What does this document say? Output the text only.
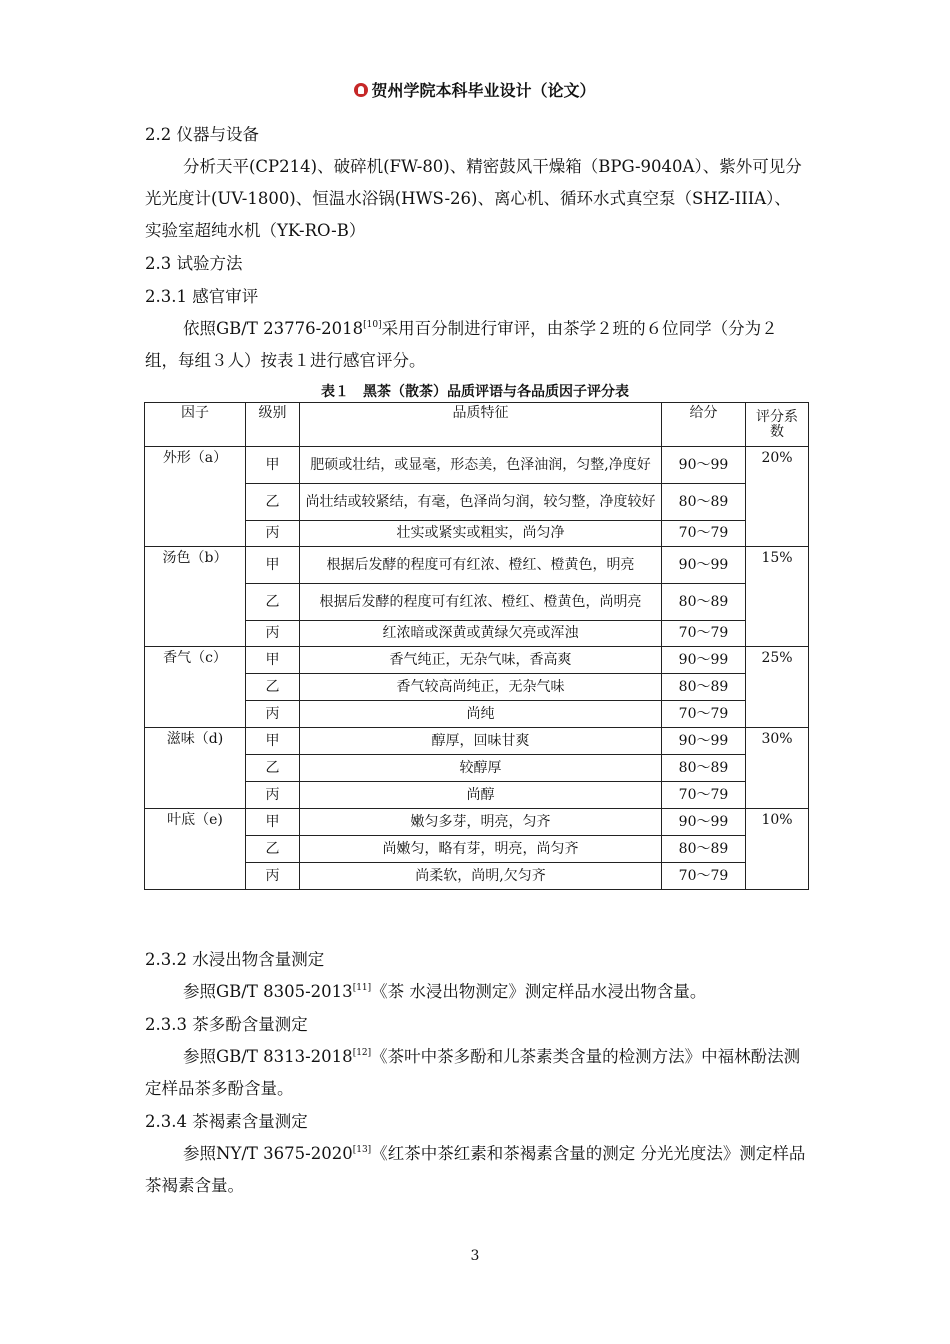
贺州学院本科毕业设计（论文）
2.2 仪器与设备

分析天平(CP214)、破碎机(FW-80)、精密鼓风干燥箱（BPG-9040A）、紫外可见分光光度计(UV-1800)、恒温水浴锅(HWS-26)、离心机、循环水式真空泵（SHZ-IIIA）、实验室超纯水机（YK-RO-B）

2.3 试验方法
2.3.1 感官审评

依照GB/T 23776-2018[10]采用百分制进行审评，由茶学２班的６位同学（分为２组，每组３人）按表１进行感官评分。

表１ 黑茶（散茶）品质评语与各品质因子评分表
因子	级别	品质特征	给分	评分系数
外形（a）	甲	肥硕或壮结，或显毫，形态美，色泽油润，匀整,净度好	90～99	20%
	乙	尚壮结或较紧结，有毫，色泽尚匀润，较匀整，净度较好	80～89	
	丙	壮实或紧实或粗实，尚匀净	70～79	
汤色（b）	甲	根据后发酵的程度可有红浓、橙红、橙黄色，明亮	90～99	15%
	乙	根据后发酵的程度可有红浓、橙红、橙黄色，尚明亮	80～89	
	丙	红浓暗或深黄或黄绿欠亮或浑浊	70～79	
香气（c）	甲	香气纯正，无杂气味，香高爽	90～99	25%
	乙	香气较高尚纯正，无杂气味	80～89	
	丙	尚纯	70～79	
滋味（d)	甲	醇厚，回味甘爽	90～99	30%
	乙	较醇厚	80～89	
	丙	尚醇	70～79	
叶底（e)	甲	嫩匀多芽，明亮，匀齐	90～99	10%
	乙	尚嫩匀，略有芽，明亮，尚匀齐	80～89	
	丙	尚柔软，尚明,欠匀齐	70～79	
2.3.2 水浸出物含量测定

参照GB/T 8305-2013[11]《茶 水浸出物测定》测定样品水浸出物含量。

2.3.3 茶多酚含量测定

参照GB/T 8313-2018[12]《茶叶中茶多酚和儿茶素类含量的检测方法》中福林酚法测定样品茶多酚含量。

2.3.4 茶褐素含量测定

参照NY/T 3675-2020[13]《红茶中茶红素和茶褐素含量的测定 分光光度法》测定样品茶褐素含量。

3
